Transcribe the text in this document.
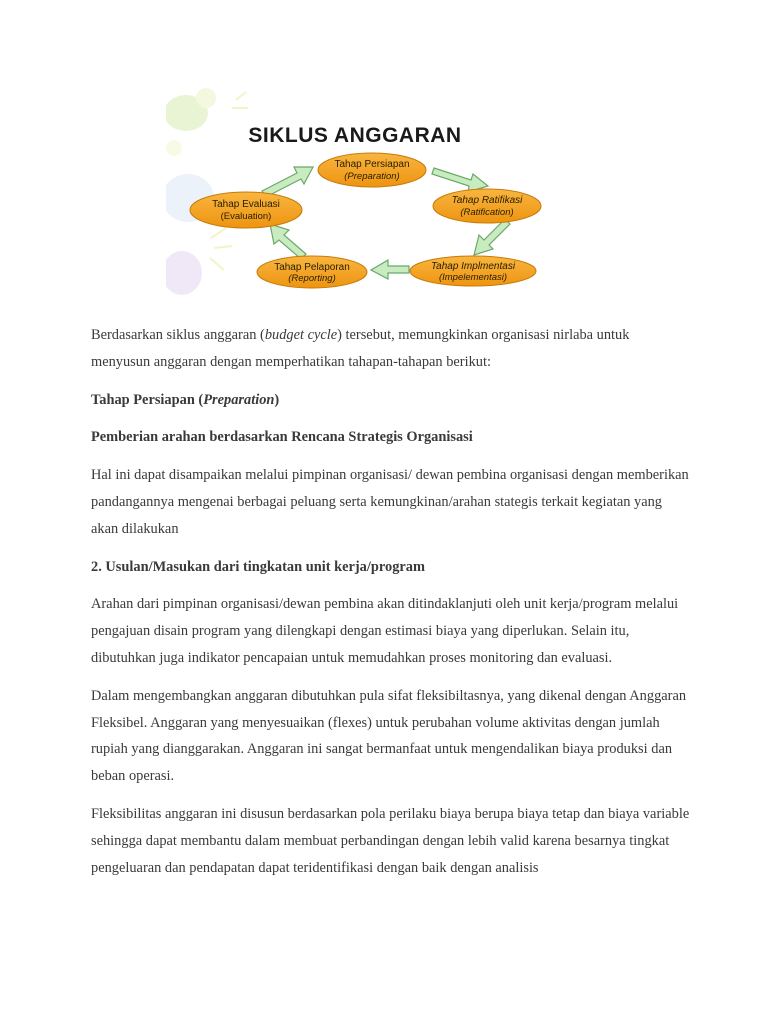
SIKLUS ANGGARAN
Tahap Persiapan
(Preparation)
Tahap Ratifikasi
(Ratification)
Tahap Implmentasi
(Impelementasi)
Tahap Pelaporan
(Reporting)
Tahap Evaluasi
(Evaluation)

Berdasarkan siklus anggaran (budget cycle) tersebut, memungkinkan organisasi nirlaba untuk menyusun anggaran dengan memperhatikan tahapan-tahapan berikut:

Tahap Persiapan (Preparation)

Pemberian arahan berdasarkan Rencana Strategis Organisasi

Hal ini dapat disampaikan melalui pimpinan organisasi/ dewan pembina organisasi dengan memberikan pandangannya mengenai berbagai peluang serta kemungkinan/arahan stategis terkait kegiatan yang akan dilakukan

2. Usulan/Masukan dari tingkatan unit kerja/program

Arahan dari pimpinan organisasi/dewan pembina akan ditindaklanjuti oleh unit kerja/program melalui pengajuan disain program yang dilengkapi dengan estimasi biaya yang diperlukan. Selain itu, dibutuhkan juga indikator pencapaian untuk memudahkan proses monitoring dan evaluasi.

Dalam mengembangkan anggaran dibutuhkan pula sifat fleksibiltasnya, yang dikenal dengan Anggaran Fleksibel. Anggaran yang menyesuaikan (flexes) untuk perubahan volume aktivitas dengan jumlah rupiah yang dianggarakan. Anggaran ini sangat bermanfaat untuk mengendalikan biaya produksi dan beban operasi.

Fleksibilitas anggaran ini disusun berdasarkan pola perilaku biaya berupa biaya tetap dan biaya variable sehingga dapat membantu dalam membuat perbandingan dengan lebih valid karena besarnya tingkat pengeluaran dan pendapatan dapat teridentifikasi dengan baik dengan analisis
